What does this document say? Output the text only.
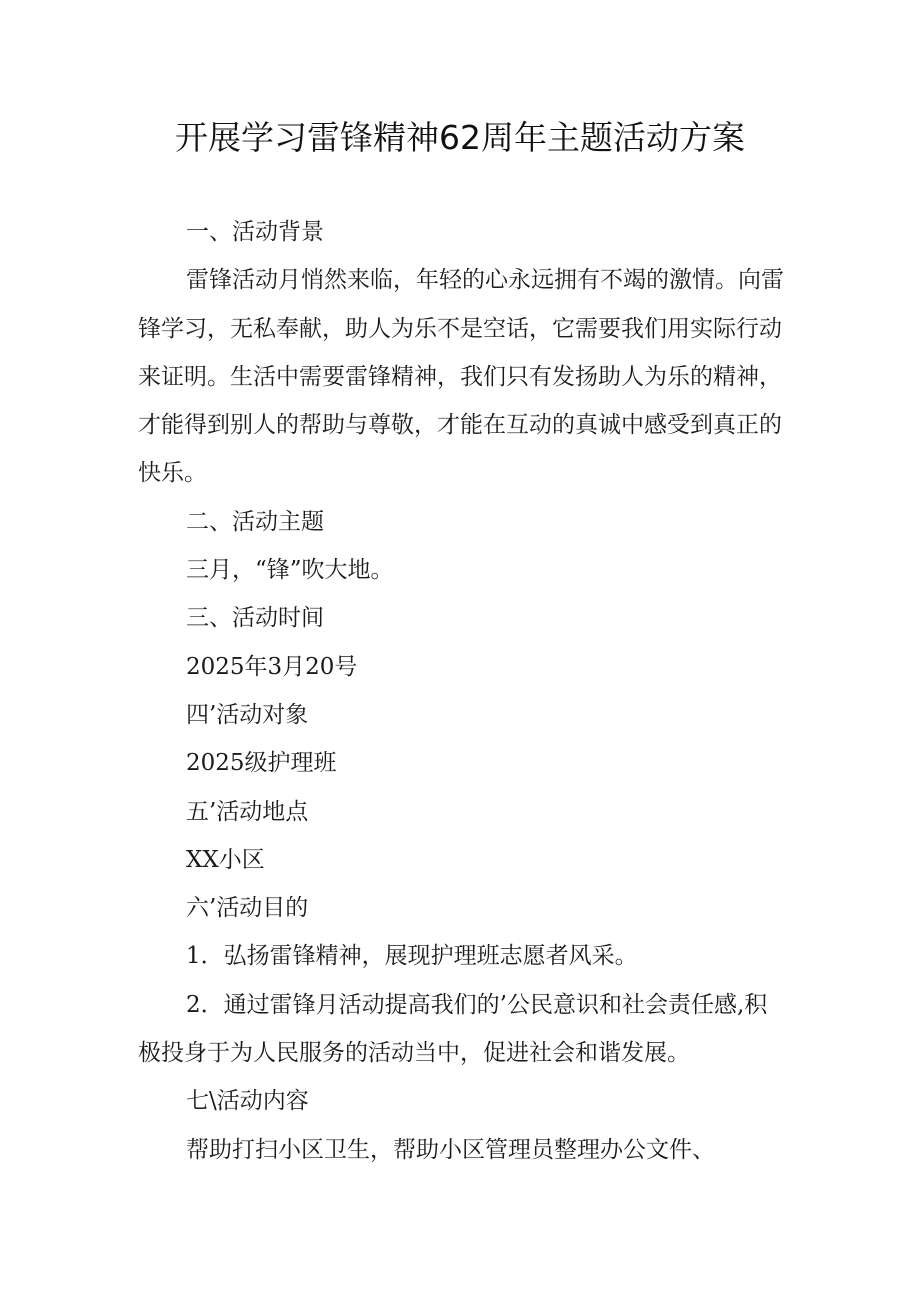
开展学习雷锋精神62周年主题活动方案
一、活动背景
雷锋活动月悄然来临，年轻的心永远拥有不竭的激情。向雷
锋学习，无私奉献，助人为乐不是空话，它需要我们用实际行动
来证明。生活中需要雷锋精神，我们只有发扬助人为乐的精神，
才能得到别人的帮助与尊敬，才能在互动的真诚中感受到真正的
快乐。
二、活动主题
三月，“锋”吹大地。
三、活动时间
2025年3月20号
四’活动对象
2025级护理班
五’活动地点
XX小区
六’活动目的
1．弘扬雷锋精神，展现护理班志愿者风采。
2．通过雷锋月活动提高我们的’公民意识和社会责任感,积
极投身于为人民服务的活动当中，促进社会和谐发展。
七\活动内容
帮助打扫小区卫生，帮助小区管理员整理办公文件、
